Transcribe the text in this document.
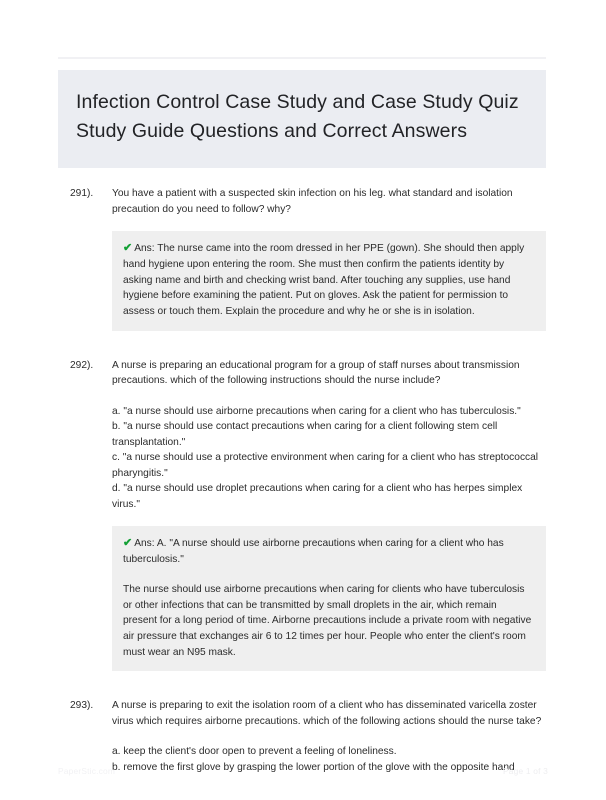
Infection Control Case Study and Case Study Quiz Study Guide Questions and Correct Answers
291).	You have a patient with a suspected skin infection on his leg. what standard and isolation precaution do you need to follow? why?

✔ Ans: The nurse came into the room dressed in her PPE (gown). She should then apply hand hygiene upon entering the room. She must then confirm the patients identity by asking name and birth and checking wrist band. After touching any supplies, use hand hygiene before examining the patient. Put on gloves. Ask the patient for permission to assess or touch them. Explain the procedure and why he or she is in isolation.

292).	A nurse is preparing an educational program for a group of staff nurses about transmission precautions. which of the following instructions should the nurse include?

a. "a nurse should use airborne precautions when caring for a client who has tuberculosis."

b. "a nurse should use contact precautions when caring for a client following stem cell transplantation."

c. "a nurse should use a protective environment when caring for a client who has streptococcal pharyngitis."

d. "a nurse should use droplet precautions when caring for a client who has herpes simplex virus."

✔ Ans: A. "A nurse should use airborne precautions when caring for a client who has tuberculosis."

The nurse should use airborne precautions when caring for clients who have tuberculosis or other infections that can be transmitted by small droplets in the air, which remain present for a long period of time. Airborne precautions include a private room with negative air pressure that exchanges air 6 to 12 times per hour. People who enter the client's room must wear an N95 mask.

293).	A nurse is preparing to exit the isolation room of a client who has disseminated varicella zoster virus which requires airborne precautions. which of the following actions should the nurse take?

a. keep the client's door open to prevent a feeling of loneliness.

b. remove the first glove by grasping the lower portion of the glove with the opposite hand

PaperStic.com	Page 1 of 3
